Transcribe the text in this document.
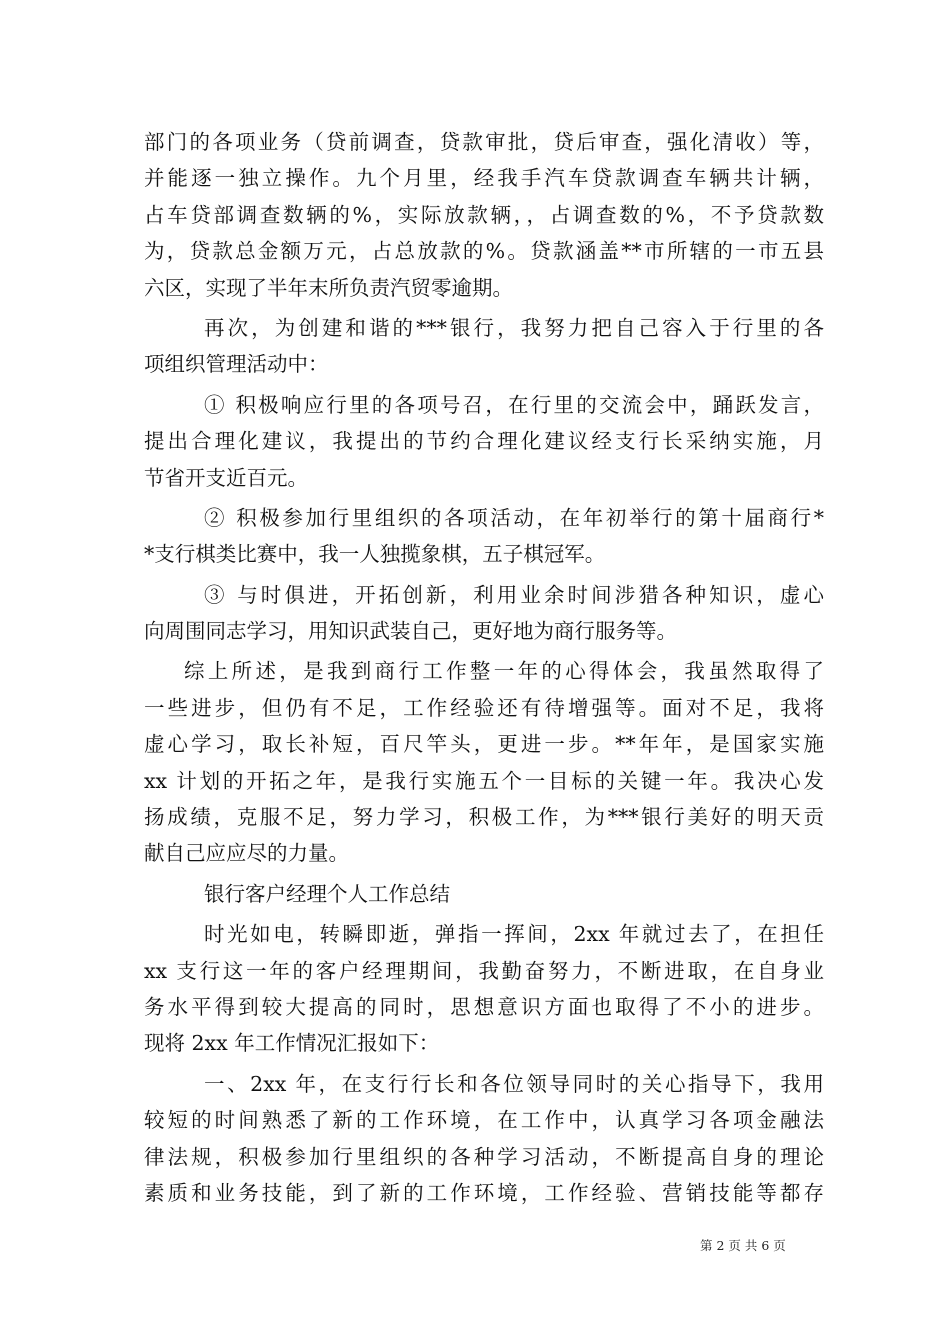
部门的各项业务（贷前调查，贷款审批，贷后审查，强化清收）等，
并能逐一独立操作。九个月里，经我手汽车贷款调查车辆共计辆，
占车贷部调查数辆的%，实际放款辆，，占调查数的%，不予贷款数
为，贷款总金额万元，占总放款的%。贷款涵盖**市所辖的一市五县
六区，实现了半年末所负责汽贸零逾期。
再次，为创建和谐的***银行，我努力把自己容入于行里的各
项组织管理活动中：
① 积极响应行里的各项号召，在行里的交流会中，踊跃发言，
提出合理化建议，我提出的节约合理化建议经支行长采纳实施，月
节省开支近百元。
② 积极参加行里组织的各项活动，在年初举行的第十届商行*
*支行棋类比赛中，我一人独揽象棋，五子棋冠军。
③ 与时俱进，开拓创新，利用业余时间涉猎各种知识，虚心
向周围同志学习，用知识武装自己，更好地为商行服务等。
综上所述，是我到商行工作整一年的心得体会，我虽然取得了
一些进步，但仍有不足，工作经验还有待增强等。面对不足，我将
虚心学习，取长补短，百尺竿头，更进一步。**年年，是国家实施
xx 计划的开拓之年，是我行实施五个一目标的关键一年。我决心发
扬成绩，克服不足，努力学习，积极工作，为***银行美好的明天贡
献自己应应尽的力量。
银行客户经理个人工作总结
时光如电，转瞬即逝，弹指一挥间，2xx 年就过去了，在担任
xx 支行这一年的客户经理期间，我勤奋努力，不断进取，在自身业
务水平得到较大提高的同时，思想意识方面也取得了不小的进步。
现将 2xx 年工作情况汇报如下：
一、2xx 年，在支行行长和各位领导同时的关心指导下，我用
较短的时间熟悉了新的工作环境，在工作中，认真学习各项金融法
律法规，积极参加行里组织的各种学习活动，不断提高自身的理论
素质和业务技能，到了新的工作环境，工作经验、营销技能等都存
第 2 页 共 6 页
